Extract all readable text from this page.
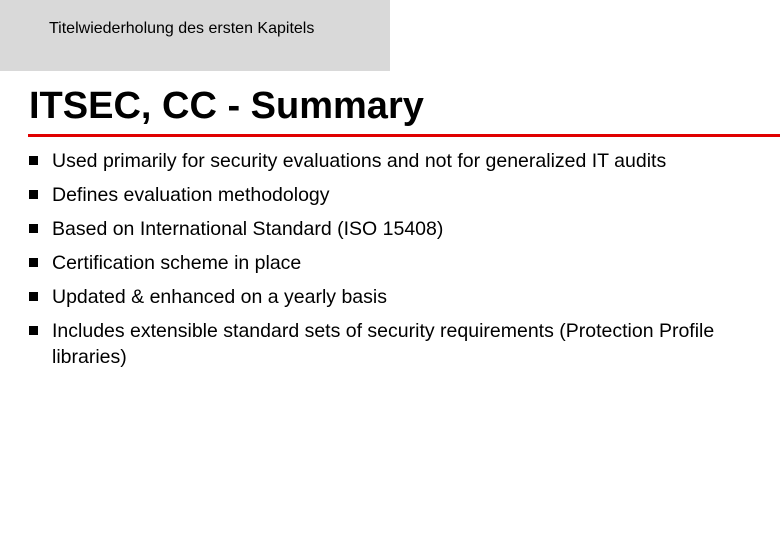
Titelwiederholung des ersten Kapitels
ITSEC, CC - Summary
Used primarily for security evaluations and not for generalized IT audits
Defines evaluation methodology
Based on International Standard (ISO 15408)
Certification scheme in place
Updated & enhanced on a yearly basis
Includes extensible standard sets of security requirements (Protection Profile libraries)
